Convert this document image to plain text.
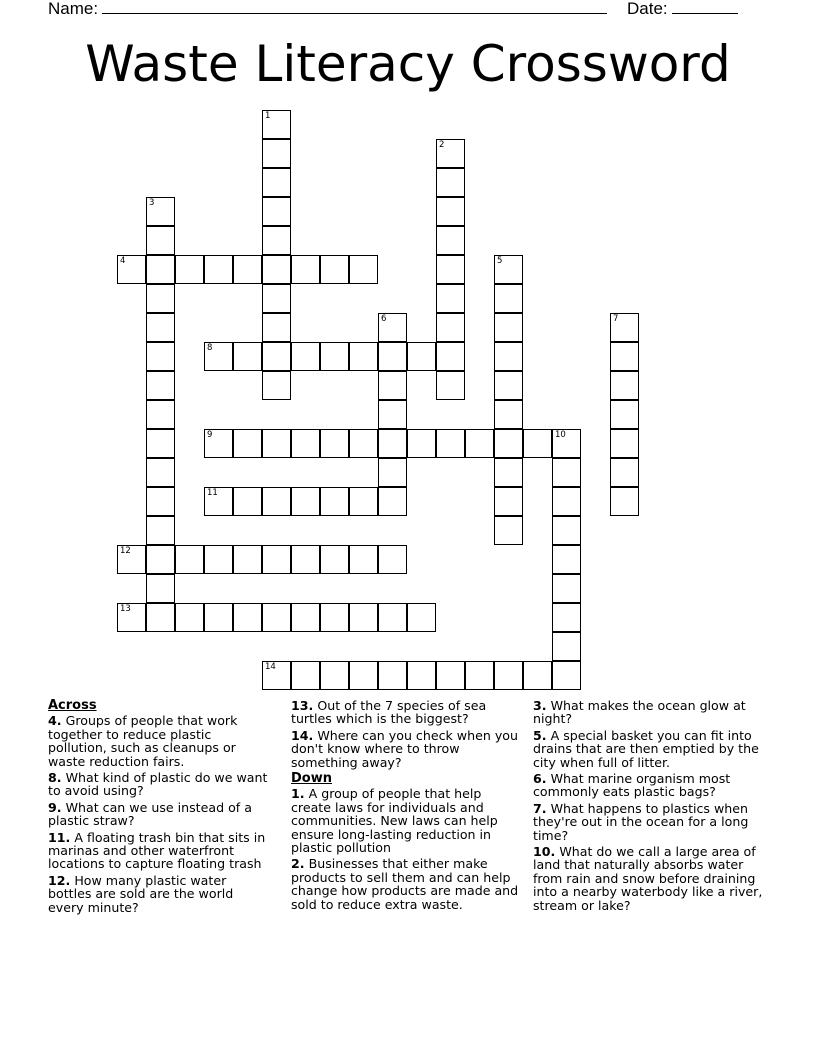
Name:	Date:
Waste Literacy Crossword
4
8
9	10
11
12
13
14
1
2
3
5
6	7
Across
4. Groups of people that work together to reduce plastic pollution, such as cleanups or waste reduction fairs.
8. What kind of plastic do we want to avoid using?
9. What can we use instead of a plastic straw?
11. A floating trash bin that sits in marinas and other waterfront locations to capture floating trash
12. How many plastic water bottles are sold are the world every minute?
13. Out of the 7 species of sea turtles which is the biggest?
14. Where can you check when you don't know where to throw something away?
Down
1. A group of people that help create laws for individuals and communities. New laws can help ensure long-lasting reduction in plastic pollution
2. Businesses that either make products to sell them and can help change how products are made and sold to reduce extra waste.
3. What makes the ocean glow at night?
5. A special basket you can fit into drains that are then emptied by the city when full of litter.
6. What marine organism most commonly eats plastic bags?
7. What happens to plastics when they're out in the ocean for a long time?
10. What do we call a large area of land that naturally absorbs water from rain and snow before draining into a nearby waterbody like a river, stream or lake?
